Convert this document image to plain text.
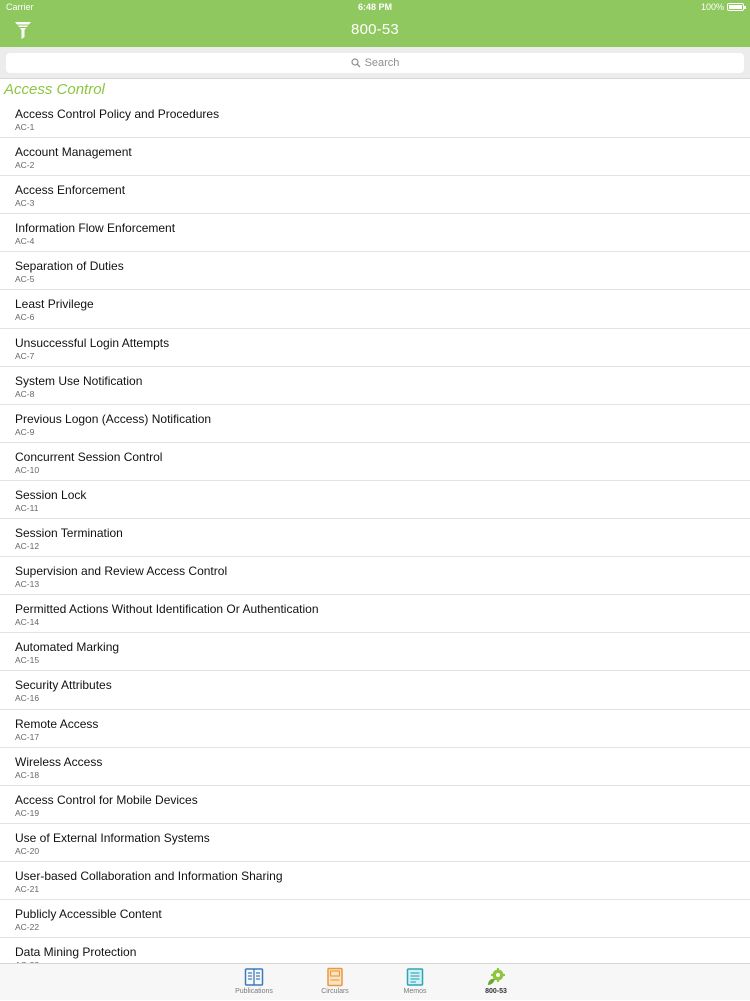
Carrier	6:48 PM	100%
800-53
Search
Access Control
Access Control Policy and Procedures
AC-1
Account Management
AC-2
Access Enforcement
AC-3
Information Flow Enforcement
AC-4
Separation of Duties
AC-5
Least Privilege
AC-6
Unsuccessful Login Attempts
AC-7
System Use Notification
AC-8
Previous Logon (Access) Notification
AC-9
Concurrent Session Control
AC-10
Session Lock
AC-11
Session Termination
AC-12
Supervision and Review Access Control
AC-13
Permitted Actions Without Identification Or Authentication
AC-14
Automated Marking
AC-15
Security Attributes
AC-16
Remote Access
AC-17
Wireless Access
AC-18
Access Control for Mobile Devices
AC-19
Use of External Information Systems
AC-20
User-based Collaboration and Information Sharing
AC-21
Publicly Accessible Content
AC-22
Data Mining Protection
Publications	Circulars	Memos	800-53
